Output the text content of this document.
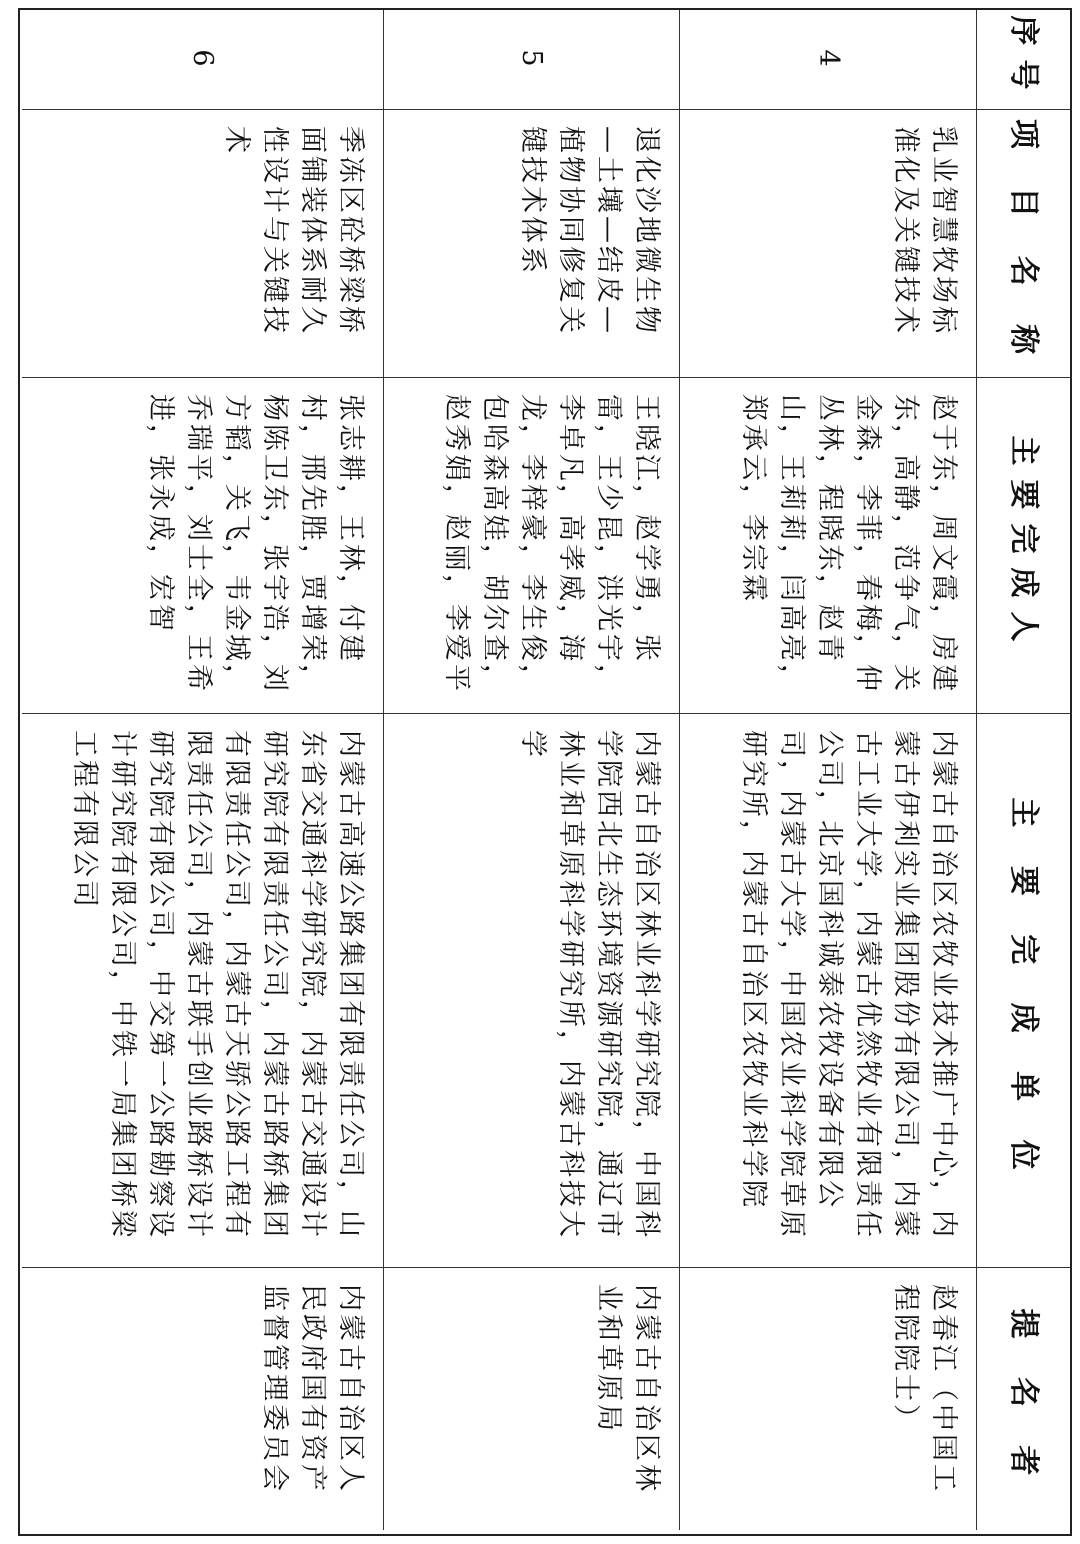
序号
项 目 名 称
主要完成人
主 要 完 成 单 位
提 名 者
4
乳业智慧牧场标准化及关键技术
赵于东，周文霞，房建东，高静，范争气，关金森，李菲，春梅，仲丛林，程晓东，赵青山，王莉莉，闫高亮，郑承云，李宗霖
内蒙古自治区农牧业技术推广中心，内蒙古伊利实业集团股份有限公司，内蒙古工业大学，内蒙古优然牧业有限责任公司，北京国科诚泰农牧设备有限公司，内蒙古大学，中国农业科学院草原研究所，内蒙古自治区农牧业科学院
赵春江（中国工程院院士）
5
退化沙地微生物—土壤—结皮—植物协同修复关键技术体系
王晓江，赵学勇，张雷，王少昆，洪光宇，李卓凡，高孝威，海龙，李梓豪，李生俊，包哈森高娃，胡尔查，赵秀娟，赵丽，李爱平
内蒙古自治区林业科学研究院，中国科学院西北生态环境资源研究院，通辽市林业和草原科学研究所，内蒙古科技大学
内蒙古自治区林业和草原局
6
季冻区砼桥梁桥面铺装体系耐久性设计与关键技术
张志耕，王林，付建村，邢先胜，贾增荣，杨陈卫东，张宇浩，刘方韬，关飞，韦金城，乔瑞平，刘士全，王希进，张永成，宏智
内蒙古高速公路集团有限责任公司，山东省交通科学研究院，内蒙古交通设计研究院有限责任公司，内蒙古路桥集团有限责任公司，内蒙古天骄公路工程有限责任公司，内蒙古联手创业路桥设计研究院有限公司，中交第一公路勘察设计研究院有限公司，中铁一局集团桥梁工程有限公司
内蒙古自治区人民政府国有资产监督管理委员会
